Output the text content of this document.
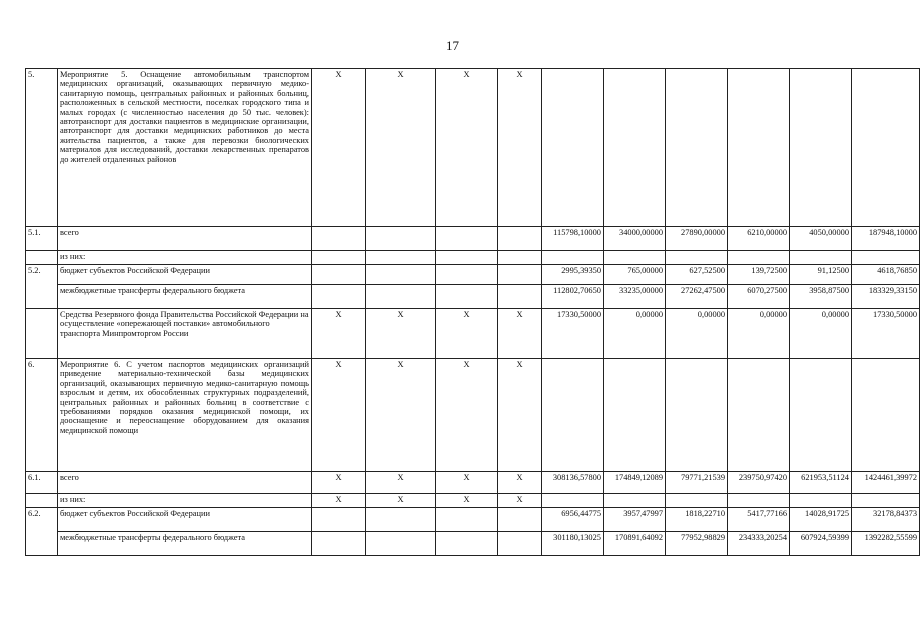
17
5.	Мероприятие 5. Оснащение автомобильным транспортом медицинских организаций, оказывающих первичную медико-санитарную помощь, центральных районных и районных больниц, расположенных в сельской местности, поселках городского типа и малых городах (с численностью населения до 50 тыс. человек): автотранспорт для доставки пациентов в медицинские организации, автотранспорт для доставки медицинских работников до места жительства пациентов, а также для перевозки биологических материалов для исследований, доставки лекарственных препаратов до жителей отдаленных районов	X	X	X	X						
5.1.	всего					115798,10000	34000,00000	27890,00000	6210,00000	4050,00000	187948,10000
	из них:										
5.2.	бюджет субъектов Российской Федерации					2995,39350	765,00000	627,52500	139,72500	91,12500	4618,76850
	межбюджетные трансферты федерального бюджета					112802,70650	33235,00000	27262,47500	6070,27500	3958,87500	183329,33150
	Средства Резервного фонда Правительства Российской Федерации на осуществление «опережающей поставки» автомобильного транспорта Минпромторгом России	X	X	X	X	17330,50000	0,00000	0,00000	0,00000	0,00000	17330,50000
6.	Мероприятие 6. С учетом паспортов медицинских организаций приведение материально-технической базы медицинских организаций, оказывающих первичную медико-санитарную помощь взрослым и детям, их обособленных структурных подразделений, центральных районных и районных больниц в соответствие с требованиями порядков оказания медицинской помощи, их дооснащение и переоснащение оборудованием для оказания медицинской помощи	X	X	X	X						
6.1.	всего	X	X	X	X	308136,57800	174849,12089	79771,21539	239750,97420	621953,51124	1424461,39972
	из них:	X	X	X	X						
6.2.	бюджет субъектов Российской Федерации					6956,44775	3957,47997	1818,22710	5417,77166	14028,91725	32178,84373
	межбюджетные трансферты федерального бюджета					301180,13025	170891,64092	77952,98829	234333,20254	607924,59399	1392282,55599
